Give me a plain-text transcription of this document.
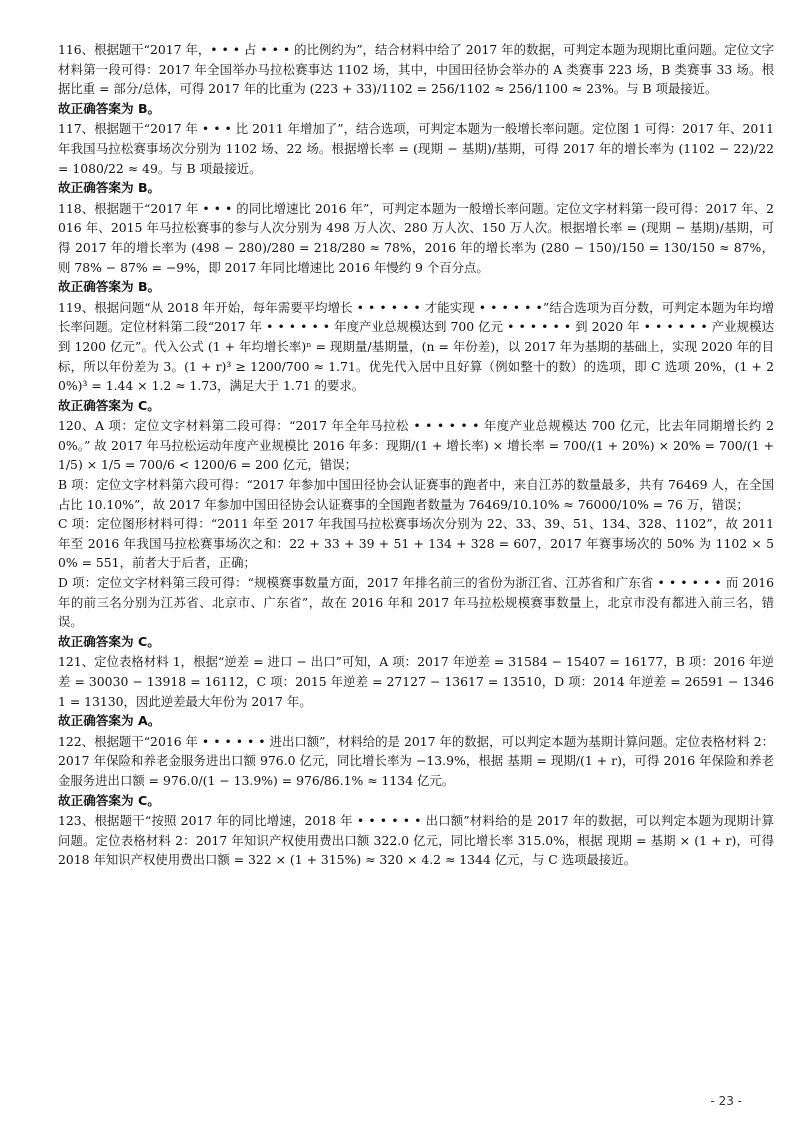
116、根据题干“2017 年，• • • 占 • • • 的比例约为”，结合材料中给了 2017 年的数据，可判定本题为现期比重问题。定位文字材料第一段可得：2017 年全国举办马拉松赛事达 1102 场，其中，中国田径协会举办的 A 类赛事 223 场，B 类赛事 33 场。根据比重 = 部分/总体，可得 2017 年的比重为 (223 + 33)/1102 = 256/1102 ≈ 256/1100 ≈ 23%。与 B 项最接近。

故正确答案为 B。

117、根据题干“2017 年 • • • 比 2011 年增加了”，结合选项，可判定本题为一般增长率问题。定位图 1 可得：2017 年、2011 年我国马拉松赛事场次分别为 1102 场、22 场。根据增长率 = (现期 − 基期)/基期，可得 2017 年的增长率为 (1102 − 22)/22 = 1080/22 ≈ 49。与 B 项最接近。

故正确答案为 B。

118、根据题干“2017 年 • • • 的同比增速比 2016 年”，可判定本题为一般增长率问题。定位文字材料第一段可得：2017 年、2016 年、2015 年马拉松赛事的参与人次分别为 498 万人次、280 万人次、150 万人次。根据增长率 = (现期 − 基期)/基期，可得 2017 年的增长率为 (498 − 280)/280 = 218/280 ≈ 78%，2016 年的增长率为 (280 − 150)/150 = 130/150 ≈ 87%，则 78% − 87% = −9%，即 2017 年同比增速比 2016 年慢约 9 个百分点。

故正确答案为 B。

119、根据问题“从 2018 年开始，每年需要平均增长 • • • • • • 才能实现 • • • • • •”结合选项为百分数，可判定本题为年均增长率问题。定位材料第二段“2017 年 • • • • • • 年度产业总规模达到 700 亿元 • • • • • • 到 2020 年 • • • • • • 产业规模达到 1200 亿元”。代入公式 (1 + 年均增长率)ⁿ = 现期量/基期量，(n = 年份差)，以 2017 年为基期的基础上，实现 2020 年的目标，所以年份差为 3。(1 + r)³ ≥ 1200/700 ≈ 1.71。优先代入居中且好算（例如整十的数）的选项，即 C 选项 20%，(1 + 20%)³ = 1.44 × 1.2 ≈ 1.73，满足大于 1.71 的要求。

故正确答案为 C。

120、A 项：定位文字材料第二段可得：“2017 年全年马拉松 • • • • • • 年度产业总规模达 700 亿元，比去年同期增长约 20%。” 故 2017 年马拉松运动年度产业规模比 2016 年多：现期/(1 + 增长率) × 增长率 = 700/(1 + 20%) × 20% = 700/(1 + 1/5) × 1/5 = 700/6 < 1200/6 = 200 亿元，错误；

B 项：定位文字材料第六段可得：“2017 年参加中国田径协会认证赛事的跑者中，来自江苏的数量最多，共有 76469 人，在全国占比 10.10%”，故 2017 年参加中国田径协会认证赛事的全国跑者数量为 76469/10.10% ≈ 76000/10% = 76 万，错误；

C 项：定位图形材料可得：“2011 年至 2017 年我国马拉松赛事场次分别为 22、33、39、51、134、328、1102”，故 2011 年至 2016 年我国马拉松赛事场次之和：22 + 33 + 39 + 51 + 134 + 328 = 607，2017 年赛事场次的 50% 为 1102 × 50% = 551，前者大于后者，正确；

D 项：定位文字材料第三段可得：“规模赛事数量方面，2017 年排名前三的省份为浙江省、江苏省和广东省 • • • • • • 而 2016 年的前三名分别为江苏省、北京市、广东省”，故在 2016 年和 2017 年马拉松规模赛事数量上，北京市没有都进入前三名，错误。

故正确答案为 C。

121、定位表格材料 1，根据“逆差 = 进口 − 出口”可知，A 项：2017 年逆差 = 31584 − 15407 = 16177，B 项：2016 年逆差 = 30030 − 13918 = 16112，C 项：2015 年逆差 = 27127 − 13617 = 13510，D 项：2014 年逆差 = 26591 − 13461 = 13130，因此逆差最大年份为 2017 年。

故正确答案为 A。

122、根据题干“2016 年 • • • • • • 进出口额”，材料给的是 2017 年的数据，可以判定本题为基期计算问题。定位表格材料 2：2017 年保险和养老金服务进出口额 976.0 亿元，同比增长率为 −13.9%，根据 基期 = 现期/(1 + r)，可得 2016 年保险和养老金服务进出口额 = 976.0/(1 − 13.9%) = 976/86.1% ≈ 1134 亿元。

故正确答案为 C。

123、根据题干“按照 2017 年的同比增速，2018 年 • • • • • • 出口额”材料给的是 2017 年的数据，可以判定本题为现期计算问题。定位表格材料 2：2017 年知识产权使用费出口额 322.0 亿元，同比增长率 315.0%，根据 现期 = 基期 × (1 + r)，可得 2018 年知识产权使用费出口额 = 322 × (1 + 315%) ≈ 320 × 4.2 ≈ 1344 亿元，与 C 选项最接近。

- 23 -
